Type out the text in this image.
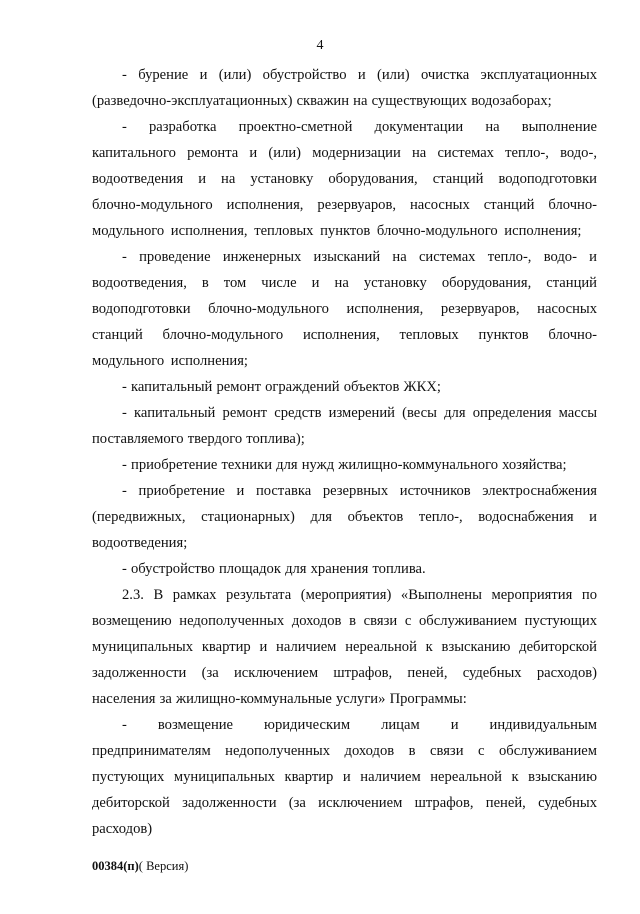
4

- бурение и (или) обустройство и (или) очистка эксплуатационных (разведочно-эксплуатационных) скважин на существующих водозаборах;

- разработка проектно-сметной документации на выполнение капитального ремонта и (или) модернизации на системах тепло-, водо-, водоотведения и на установку оборудования, станций водоподготовки блочно-модульного исполнения, резервуаров, насосных станций блочно-модульного исполнения, тепловых пунктов блочно-модульного исполнения;

- проведение инженерных изысканий на системах тепло-, водо- и водоотведения, в том числе и на установку оборудования, станций водоподготовки блочно-модульного исполнения, резервуаров, насосных станций блочно-модульного исполнения, тепловых пунктов блочно-модульного исполнения;

- капитальный ремонт ограждений объектов ЖКХ;

- капитальный ремонт средств измерений (весы для определения массы поставляемого твердого топлива);

- приобретение техники для нужд жилищно-коммунального хозяйства;

- приобретение и поставка резервных источников электроснабжения (передвижных, стационарных) для объектов тепло-, водоснабжения и водоотведения;

- обустройство площадок для хранения топлива.

2.3. В рамках результата (мероприятия) «Выполнены мероприятия по возмещению недополученных доходов в связи с обслуживанием пустующих муниципальных квартир и наличием нереальной к взысканию дебиторской задолженности (за исключением штрафов, пеней, судебных расходов) населения за жилищно-коммунальные услуги» Программы:

- возмещение юридическим лицам и индивидуальным предпринимателям недополученных доходов в связи с обслуживанием пустующих муниципальных квартир и наличием нереальной к взысканию дебиторской задолженности (за исключением штрафов, пеней, судебных расходов)

00384(п)( Версия)
